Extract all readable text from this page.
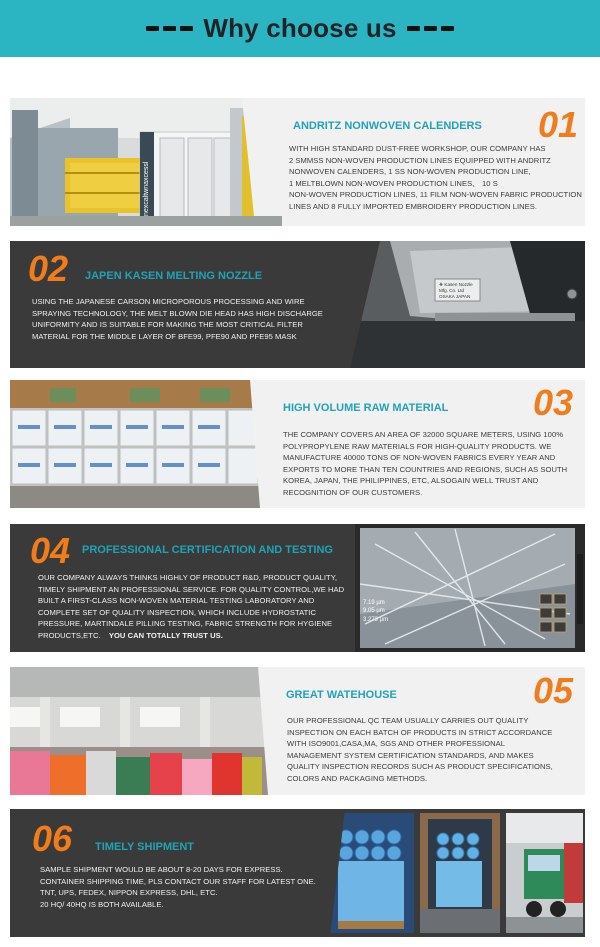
Why choose us
nexсaltwnaxсessl
ANDRITZ NONWOVEN CALENDERS 01
WITH HIGH STANDARD DUST-FREE WORKSHOP, OUR COMPANY HAS
2 SMMSS NON-WOVEN PRODUCTION LINES EQUIPPED WITH ANDRITZ
NONWOVEN CALENDERS, 1 SS NON-WOVEN PRODUCTION LINE,
1 MELTBLOWN NON-WOVEN PRODUCTION LINES、 10 S
NON-WOVEN PRODUCTION LINES, 11 FILM NON-WOVEN FABRIC PRODUCTION
LINES AND 8 FULLY IMPORTED EMBROIDERY PRODUCTION LINES.
❖ Kasen Nozzle
Mfg. Co. Ltd
OSAKA JAPAN
02 JAPEN KASEN MELTING NOZZLE
USING THE JAPANESE CARSON MICROPOROUS PROCESSING AND WIRE
SPRAYING TECHNOLOGY, THE MELT BLOWN DIE HEAD HAS HIGH DISCHARGE
UNIFORMITY AND IS SUITABLE FOR MAKING THE MOST CRITICAL FILTER
MATERIAL FOR THE MIDDLE LAYER OF BFE99, PFE90 AND PFE95 MASK
HIGH VOLUME RAW MATERIAL 03
THE COMPANY COVERS AN AREA OF 32000 SQUARE METERS, USING 100%
POLYPROPYLENE RAW MATERIALS FOR HIGH-QUALITY PRODUCTS. WE
MANUFACTURE 40000 TONS OF NON-WOVEN FABRICS EVERY YEAR AND
EXPORTS TO MORE THAN TEN COUNTRIES AND REGIONS, SUCH AS SOUTH
KOREA, JAPAN, THE PHILIPPINES, ETC, ALSOGAIN WELL TRUST AND
RECOGNITION OF OUR CUSTOMERS.
7.19 µm
9.05 µm
3.273 µm
04 PROFESSIONAL CERTIFICATION AND TESTING
OUR COMPANY ALWAYS THINKS HIGHLY OF PRODUCT R&D, PRODUCT QUALITY,
TIMELY SHIPMENT AN PROFESSIONAL SERVICE. FOR QUALITY CONTROL,WE HAD
BUILT A FIRST-CLASS NON-WOVEN MATERIAL TESTING LABORATORY AND
COMPLETE SET OF QUALITY INSPECTION, WHICH INCLUDE HYDROSTATIC
PRESSURE, MARTINDALE PILLING TESTING, FABRIC STRENGTH FOR HYGIENE
PRODUCTS,ETC. YOU CAN TOTALLY TRUST US.
GREAT WATEHOUSE	05
OUR PROFESSIONAL QC TEAM USUALLY CARRIES OUT QUALITY
INSPECTION ON EACH BATCH OF PRODUCTS IN STRICT ACCORDANCE
WITH ISO9001,CASA,MA, SGS AND OTHER PROFESSIONAL
MANAGEMENT SYSTEM CERTIFICATION STANDARDS, AND MAKES
QUALITY INSPECTION RECORDS SUCH AS PRODUCT SPECIFICATIONS,
COLORS AND PACKAGING METHODS.
06 TIMELY SHIPMENT
SAMPLE SHIPMENT WOULD BE ABOUT 8-20 DAYS FOR EXPRESS.
CONTAINER SHIPPING TIME, PLS CONTACT OUR STAFF FOR LATEST ONE.
TNT, UPS, FEDEX, NIPPON EXPRESS, DHL, ETC.
20 HQ/ 40HQ IS BOTH AVAILABLE.
